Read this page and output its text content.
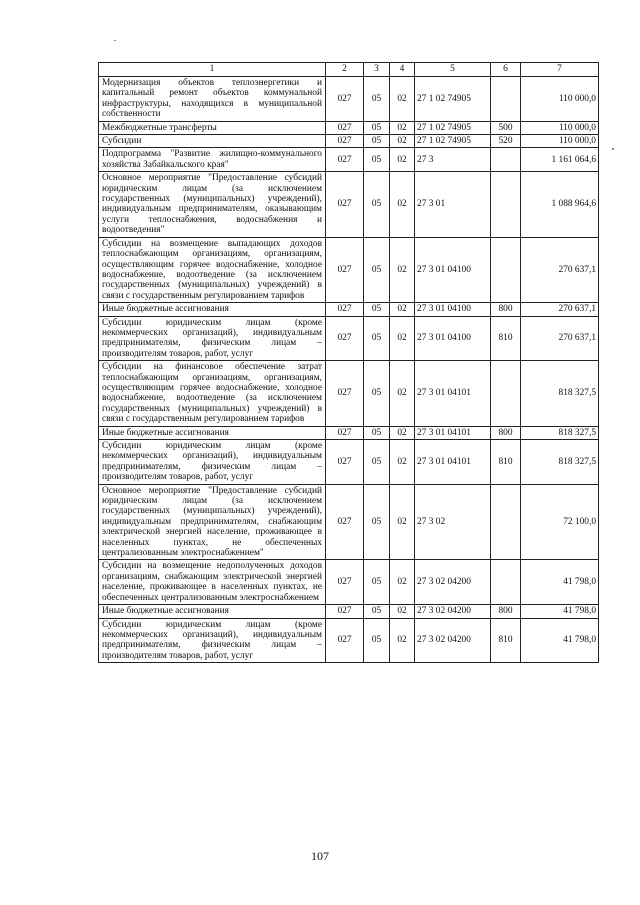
1	2	3	4	5	6	7
Модернизация объектов теплоэнергетики и капитальный ремонт объектов коммунальной инфраструктуры, находящихся в муниципальной собственности	027	05	02	27 1 02 74905		110 000,0
Межбюджетные трансферты	027	05	02	27 1 02 74905	500	110 000,0
Субсидии	027	05	02	27 1 02 74905	520	110 000,0
Подпрограмма "Развитие жилищно-коммунального хозяйства Забайкальского края"	027	05	02	27 3		1 161 064,6
Основное мероприятие "Предоставление субсидий юридическим лицам (за исключением государственных (муниципальных) учреждений), индивидуальным предпринимателям, оказывающим услуги теплоснабжения, водоснабжения и водоотведения"	027	05	02	27 3 01		1 088 964,6
Субсидии на возмещение выпадающих доходов теплоснабжающим организациям, организациям, осуществляющим горячее водоснабжение, холодное водоснабжение, водоотведение (за исключением государственных (муниципальных) учреждений) в связи с государственным регулированием тарифов	027	05	02	27 3 01 04100		270 637,1
Иные бюджетные ассигнования	027	05	02	27 3 01 04100	800	270 637,1
Субсидии юридическим лицам (кроме некоммерческих организаций), индивидуальным предпринимателям, физическим лицам – производителям товаров, работ, услуг	027	05	02	27 3 01 04100	810	270 637,1
Субсидии на финансовое обеспечение затрат теплоснабжающим организациям, организациям, осуществляющим горячее водоснабжение, холодное водоснабжение, водоотведение (за исключением государственных (муниципальных) учреждений) в связи с государственным регулированием тарифов	027	05	02	27 3 01 04101		818 327,5
Иные бюджетные ассигнования	027	05	02	27 3 01 04101	800	818 327,5
Субсидии юридическим лицам (кроме некоммерческих организаций), индивидуальным предпринимателям, физическим лицам – производителям товаров, работ, услуг	027	05	02	27 3 01 04101	810	818 327,5
Основное мероприятие "Предоставление субсидий юридическим лицам (за исключением государственных (муниципальных) учреждений), индивидуальным предпринимателям, снабжающим электрической энергией население, проживающее в населенных пунктах, не обеспеченных централизованным электроснабжением"	027	05	02	27 3 02		72 100,0
Субсидии на возмещение недополученных доходов организациям, снабжающим электрической энергией население, проживающее в населенных пунктах, не обеспеченных централизованным электроснабжением	027	05	02	27 3 02 04200		41 798,0
Иные бюджетные ассигнования	027	05	02	27 3 02 04200	800	41 798,0
Субсидии юридическим лицам (кроме некоммерческих организаций), индивидуальным предпринимателям, физическим лицам – производителям товаров, работ, услуг	027	05	02	27 3 02 04200	810	41 798,0
107
